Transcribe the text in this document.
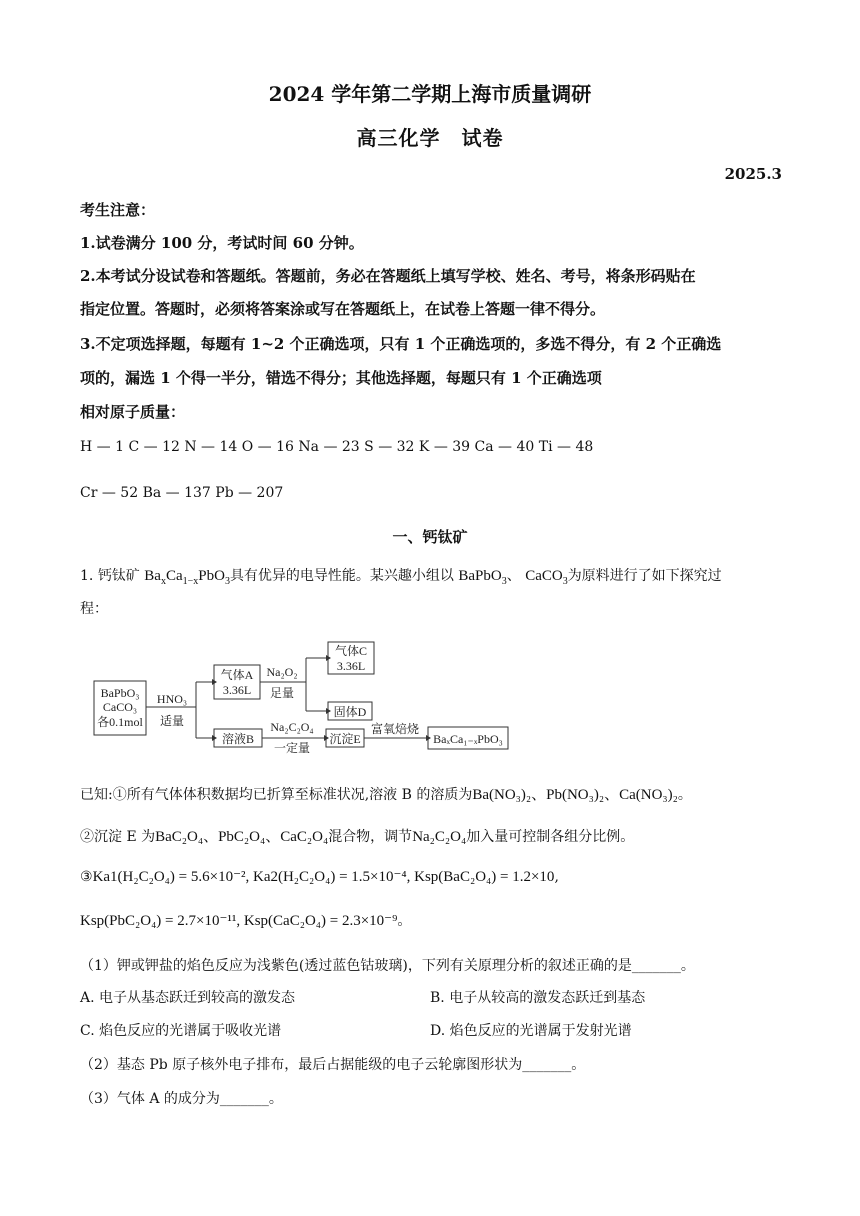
2024 学年第二学期上海市质量调研
高三化学　试卷
2025.3
考生注意：
1.试卷满分 100 分，考试时间 60 分钟。
2.本考试分设试卷和答题纸。答题前，务必在答题纸上填写学校、姓名、考号，将条形码贴在
指定位置。答题时，必须将答案涂或写在答题纸上，在试卷上答题一律不得分。
3.不定项选择题，每题有 1~2 个正确选项，只有 1 个正确选项的，多选不得分，有 2 个正确选
项的，漏选 1 个得一半分，错选不得分；其他选择题，每题只有 1 个正确选项
相对原子质量：
H — 1 C — 12 N — 14 O — 16 Na — 23 S — 32 K — 39 Ca — 40 Ti — 48
Cr — 52 Ba — 137 Pb — 207
一、钙钛矿
1. 钙钛矿 $Ba_xCa_{1-x}PbO_3$具有优异的电导性能。某兴趣小组以 BaPbO$_3$、 CaCO$_3$为原料进行了如下探究过
程：
BaPbO₃
CaCO₃
各0.1mol
HNO₃
适量
气体A
3.36L
Na₂O₂
足量
气体C
3.36L
固体D
溶液B
Na₂C₂O₄
一定量
沉淀E
富氧焙烧
BaₓCa₁₋ₓPbO₃
已知:①所有气体体积数据均已折算至标准状况,溶液 B 的溶质为Ba(NO₃)₂、Pb(NO₃)₂、Ca(NO₃)₂。
②沉淀 E 为BaC₂O₄、PbC₂O₄、CaC₂O₄混合物，调节Na₂C₂O₄加入量可控制各组分比例。
③Ka1(H₂C₂O₄) = 5.6×10⁻², Ka2(H₂C₂O₄) = 1.5×10⁻⁴, Ksp(BaC₂O₄) = 1.2×10,
Ksp(PbC₂O₄) = 2.7×10⁻¹¹, Ksp(CaC₂O₄) = 2.3×10⁻⁹。
（1）钾或钾盐的焰色反应为浅紫色(透过蓝色钴玻璃)，下列有关原理分析的叙述正确的是_______。
A. 电子从基态跃迁到较高的激发态	B. 电子从较高的激发态跃迁到基态
C. 焰色反应的光谱属于吸收光谱	D. 焰色反应的光谱属于发射光谱
（2）基态 Pb 原子核外电子排布，最后占据能级的电子云轮廓图形状为_______。
（3）气体 A 的成分为_______。
